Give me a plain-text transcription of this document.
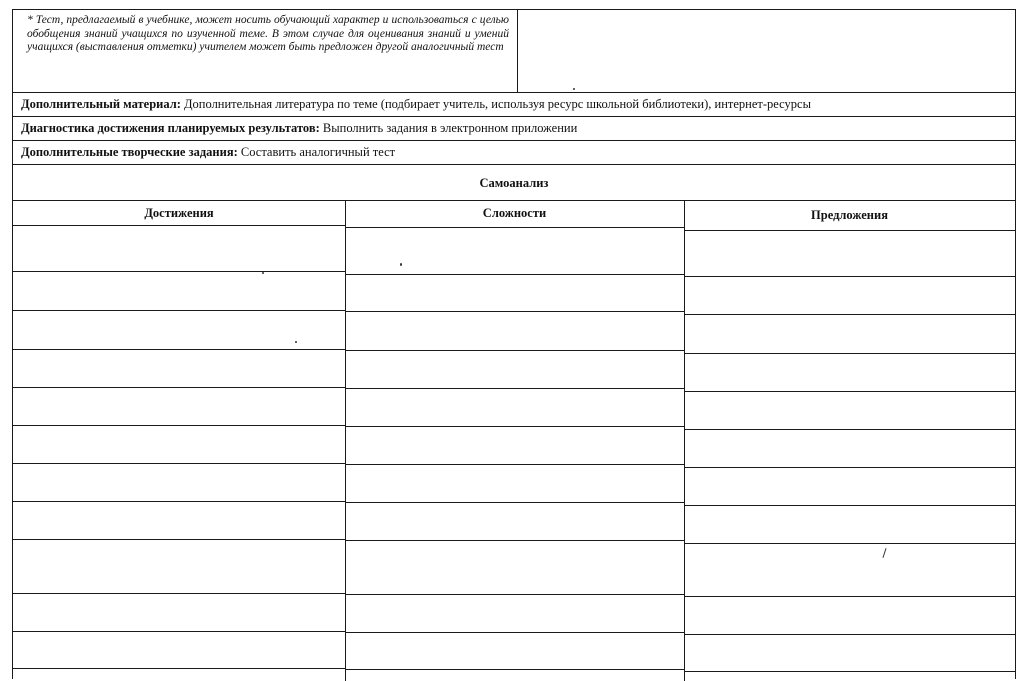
* Тест, предлагаемый в учебнике, может носить обучающий характер и использоваться с целью обобщения знаний учащихся по изученной теме. В этом случае для оценивания знаний и умений учащихся (выставления отметки) учителем может быть предложен другой аналогичный тест
Дополнительный материал: Дополнительная литература по теме (подбирает учитель, используя ресурс школьной библиотеки), интернет-ресурсы
Диагностика достижения планируемых результатов: Выполнить задания в электронном приложении
Дополнительные творческие задания: Составить аналогичный тест
Самоанализ
Достижения	Сложности	Предложения
